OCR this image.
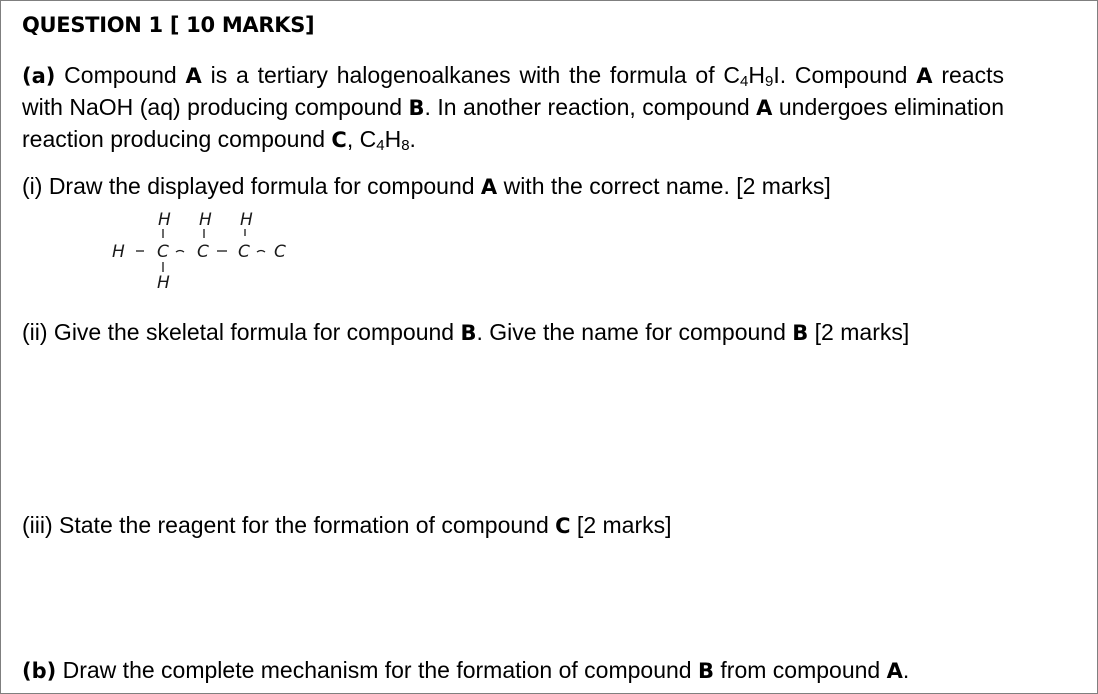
QUESTION 1 [ 10 MARKS]
(a) Compound A is a tertiary halogenoalkanes with the formula of $C_4H_9I$. Compound A reacts with NaOH (aq) producing compound B. In another reaction, compound A undergoes elimination reaction producing compound C, $C_4H_8$.
(i) Draw the displayed formula for compound A with the correct name. [2 marks]
H H H
H C C C C
H
(ii) Give the skeletal formula for compound B. Give the name for compound B [2 marks]
(iii) State the reagent for the formation of compound C [2 marks]
(b) Draw the complete mechanism for the formation of compound B from compound A.
